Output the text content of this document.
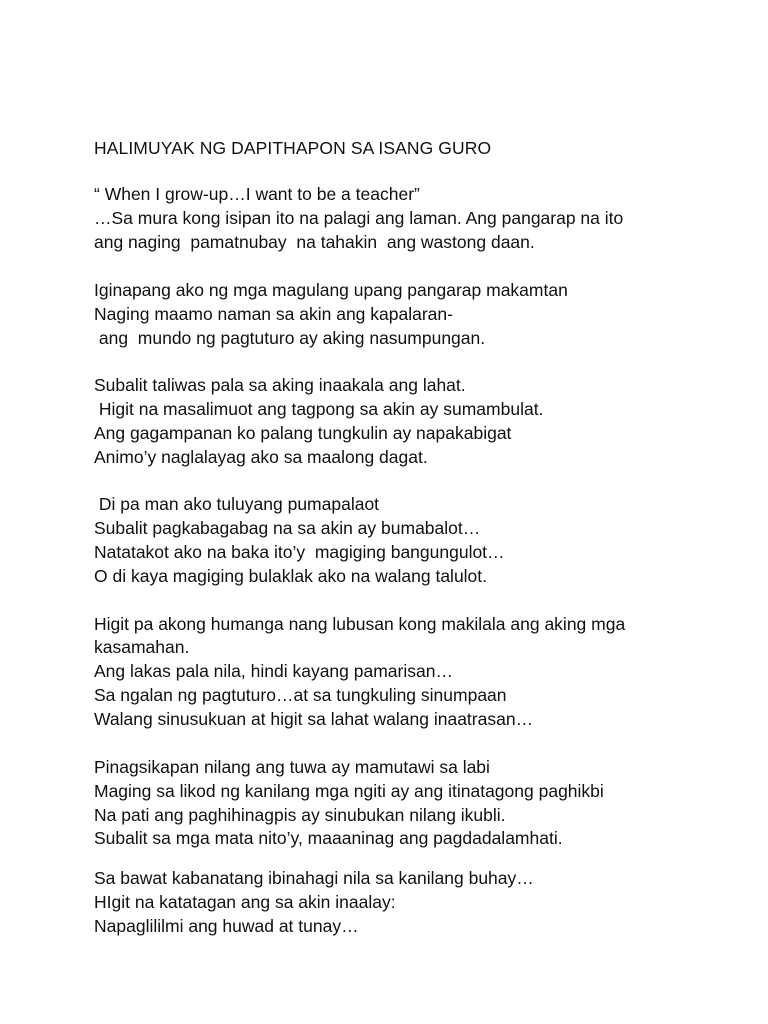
HALIMUYAK NG DAPITHAPON SA ISANG GURO
“ When I grow-up…I want to be a teacher”
…Sa mura kong isipan ito na palagi ang laman. Ang pangarap na ito
ang naging  pamatnubay  na tahakin  ang wastong daan.
Iginapang ako ng mga magulang upang pangarap makamtan
Naging maamo naman sa akin ang kapalaran-
ang  mundo ng pagtuturo ay aking nasumpungan.
Subalit taliwas pala sa aking inaakala ang lahat.
Higit na masalimuot ang tagpong sa akin ay sumambulat.
Ang gagampanan ko palang tungkulin ay napakabigat
Animo’y naglalayag ako sa maalong dagat.
Di pa man ako tuluyang pumapalaot
Subalit pagkabagabag na sa akin ay bumabalot…
Natatakot ako na baka ito’y  magiging bangungulot…
O di kaya magiging bulaklak ako na walang talulot.
Higit pa akong humanga nang lubusan kong makilala ang aking mga
kasamahan.
Ang lakas pala nila, hindi kayang pamarisan…
Sa ngalan ng pagtuturo…at sa tungkuling sinumpaan
Walang sinusukuan at higit sa lahat walang inaatrasan…
Pinagsikapan nilang ang tuwa ay mamutawi sa labi
Maging sa likod ng kanilang mga ngiti ay ang itinatagong paghikbi
Na pati ang paghihinagpis ay sinubukan nilang ikubli.
Subalit sa mga mata nito’y, maaaninag ang pagdadalamhati.
Sa bawat kabanatang ibinahagi nila sa kanilang buhay…
HIgit na katatagan ang sa akin inaalay:
Napaglililmi ang huwad at tunay…
